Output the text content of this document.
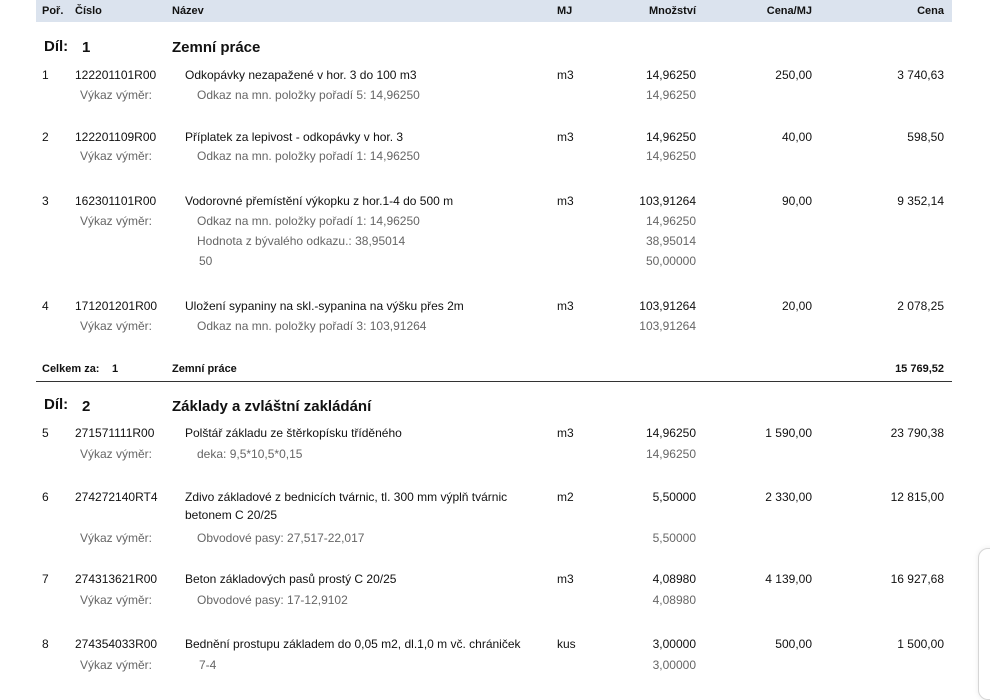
Poř. Číslo	Název	MJ	Množství	Cena/MJ	Cena
Díl: 1	Zemní práce
1 122201101R00 Odkopávky nezapažené v hor. 3 do 100 m3	m3	14,96250	250,00	3 740,63
Výkaz výměr:	Odkaz na mn. položky pořadí 5: 14,96250	14,96250
2 122201109R00 Příplatek za lepivost - odkopávky v hor. 3	m3	14,96250	40,00	598,50
Výkaz výměr:	Odkaz na mn. položky pořadí 1: 14,96250	14,96250
3 162301101R00 Vodorovné přemístění výkopku z hor.1-4 do 500 m	m3	103,91264	90,00	9 352,14
Výkaz výměr:	Odkaz na mn. položky pořadí 1: 14,96250	14,96250
Hodnota z bývalého odkazu.: 38,95014	38,95014
50	50,00000
4 171201201R00 Uložení sypaniny na skl.-sypanina na výšku přes 2m	m3	103,91264	20,00	2 078,25
Výkaz výměr:	Odkaz na mn. položky pořadí 3: 103,91264	103,91264
Celkem za: 1	Zemní práce	15 769,52
Díl: 2	Základy a zvláštní zakládání
5 271571111R00	Polštář základu ze štěrkopísku tříděného	m3	14,96250	1 590,00	23 790,38
Výkaz výměr:	deka: 9,5*10,5*0,15	14,96250
6 274272140RT4 Zdivo základové z bednicích tvárnic, tl. 300 mm výplň tvárnic
betonem C 20/25
m2	5,50000	2 330,00	12 815,00
Výkaz výměr:	Obvodové pasy: 27,517-22,017	5,50000
7 274313621R00 Beton základových pasů prostý C 20/25	m3	4,08980	4 139,00	16 927,68
Výkaz výměr:	Obvodové pasy: 17-12,9102	4,08980
8 274354033R00 Bednění prostupu základem do 0,05 m2, dl.1,0 m vč. chrániček	kus	3,00000	500,00	1 500,00
Výkaz výměr:	7-4	3,00000
